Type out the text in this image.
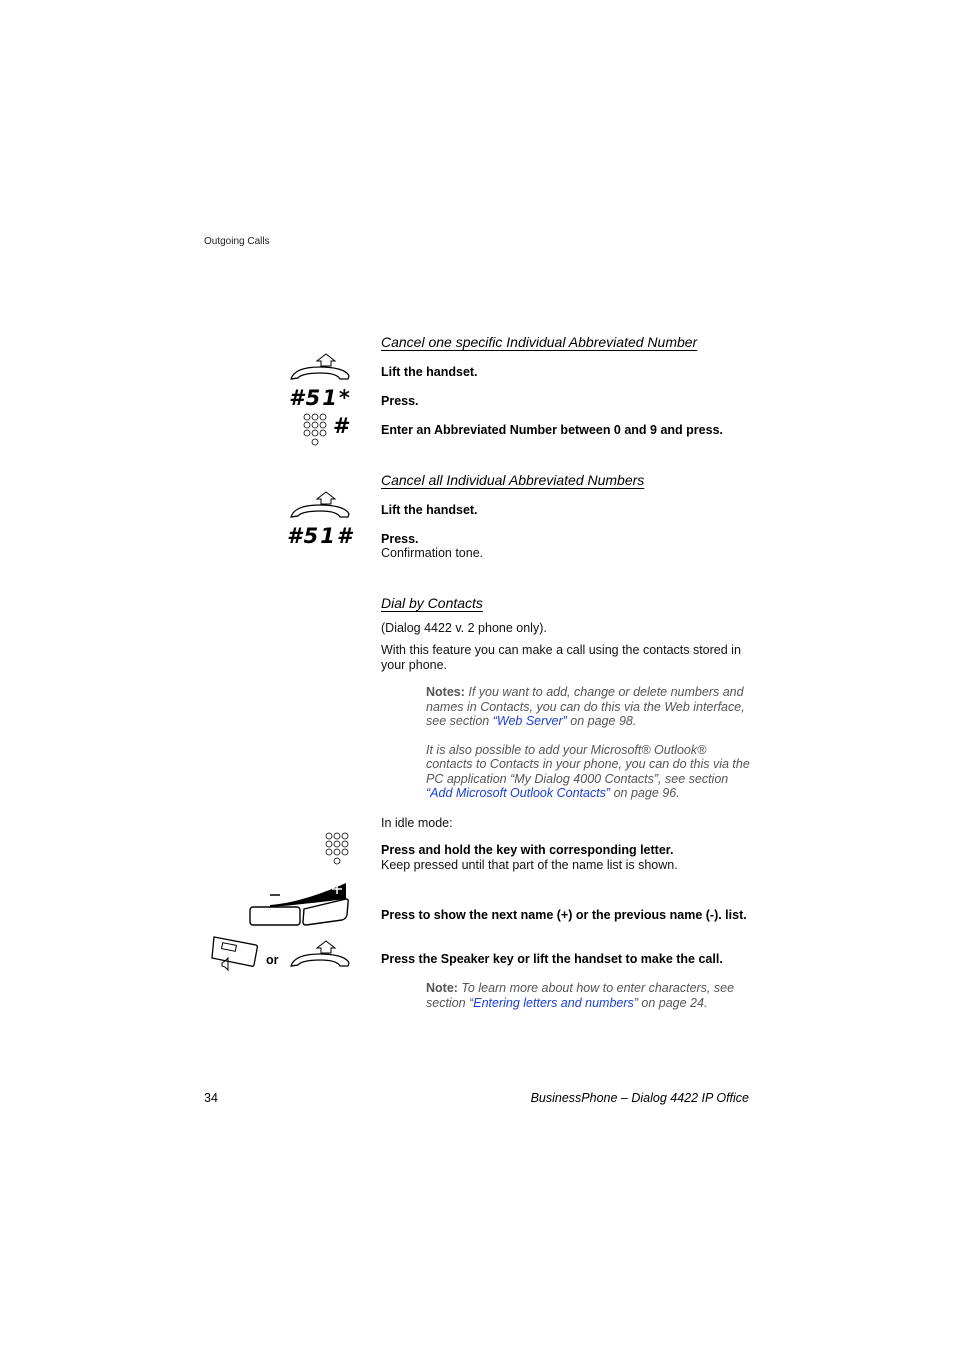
Outgoing Calls
Cancel one specific Individual Abbreviated Number
Lift the handset.
#51* Press.
# Enter an Abbreviated Number between 0 and 9 and press.
Cancel all Individual Abbreviated Numbers
Lift the handset.
#51# Press.
Confirmation tone.
Dial by Contacts
(Dialog 4422 v. 2 phone only).
With this feature you can make a call using the contacts stored in your phone.
Notes: If you want to add, change or delete numbers and names in Contacts, you can do this via the Web interface, see section “Web Server” on page 98.
It is also possible to add your Microsoft® Outlook® contacts to Contacts in your phone, you can do this via the PC application “My Dialog 4000 Contacts”, see section “Add Microsoft Outlook Contacts” on page 96.
In idle mode:
Press and hold the key with corresponding letter.
Keep pressed until that part of the name list is shown.
Press to show the next name (+) or the previous name (-). list.
or	Press the Speaker key or lift the handset to make the call.
Note: To learn more about how to enter characters, see section “Entering letters and numbers” on page 24.
34	BusinessPhone – Dialog 4422 IP Office
